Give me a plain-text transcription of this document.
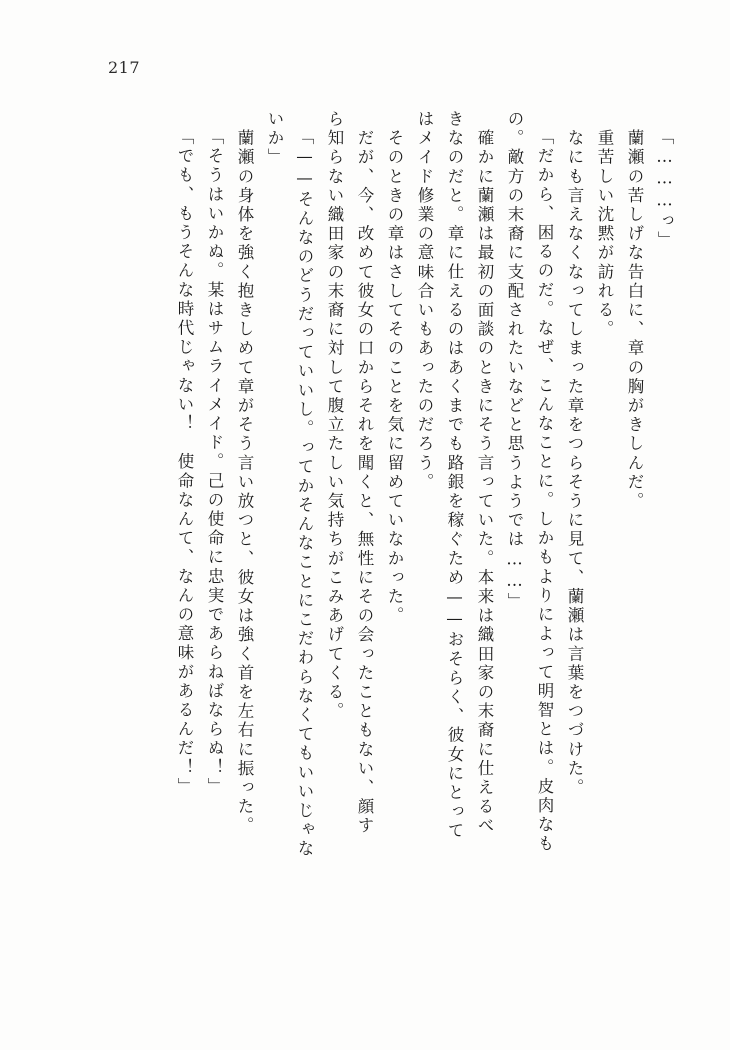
217
「………っ」
　蘭瀬の苦しげな告白に、章の胸がきしんだ。
　重苦しい沈黙が訪れる。
　なにも言えなくなってしまった章をつらそうに見て、蘭瀬は言葉をつづけた。
「だから、困るのだ。なぜ、こんなことに。しかもよりによって明智とは。皮肉なも
の。敵方の末裔に支配されたいなどと思うようでは……」
　確かに蘭瀬は最初の面談のときにそう言っていた。本来は織田家の末裔に仕えるべ
きなのだと。章に仕えるのはあくまでも路銀を稼ぐため——おそらく、彼女にとって
はメイド修業の意味合いもあったのだろう。
　そのときの章はさしてそのことを気に留めていなかった。
　だが、今、改めて彼女の口からそれを聞くと、無性にその会ったこともない、顔す
ら知らない織田家の末裔に対して腹立たしい気持ちがこみあげてくる。
「——そんなのどうだっていいし。ってかそんなことにこだわらなくてもいいじゃな
いか」
　蘭瀬の身体を強く抱きしめて章がそう言い放つと、彼女は強く首を左右に振った。
「そうはいかぬ。某はサムライメイド。己の使命に忠実であらねばならぬ！」
「でも、もうそんな時代じゃない！　使命なんて、なんの意味があるんだ！」
